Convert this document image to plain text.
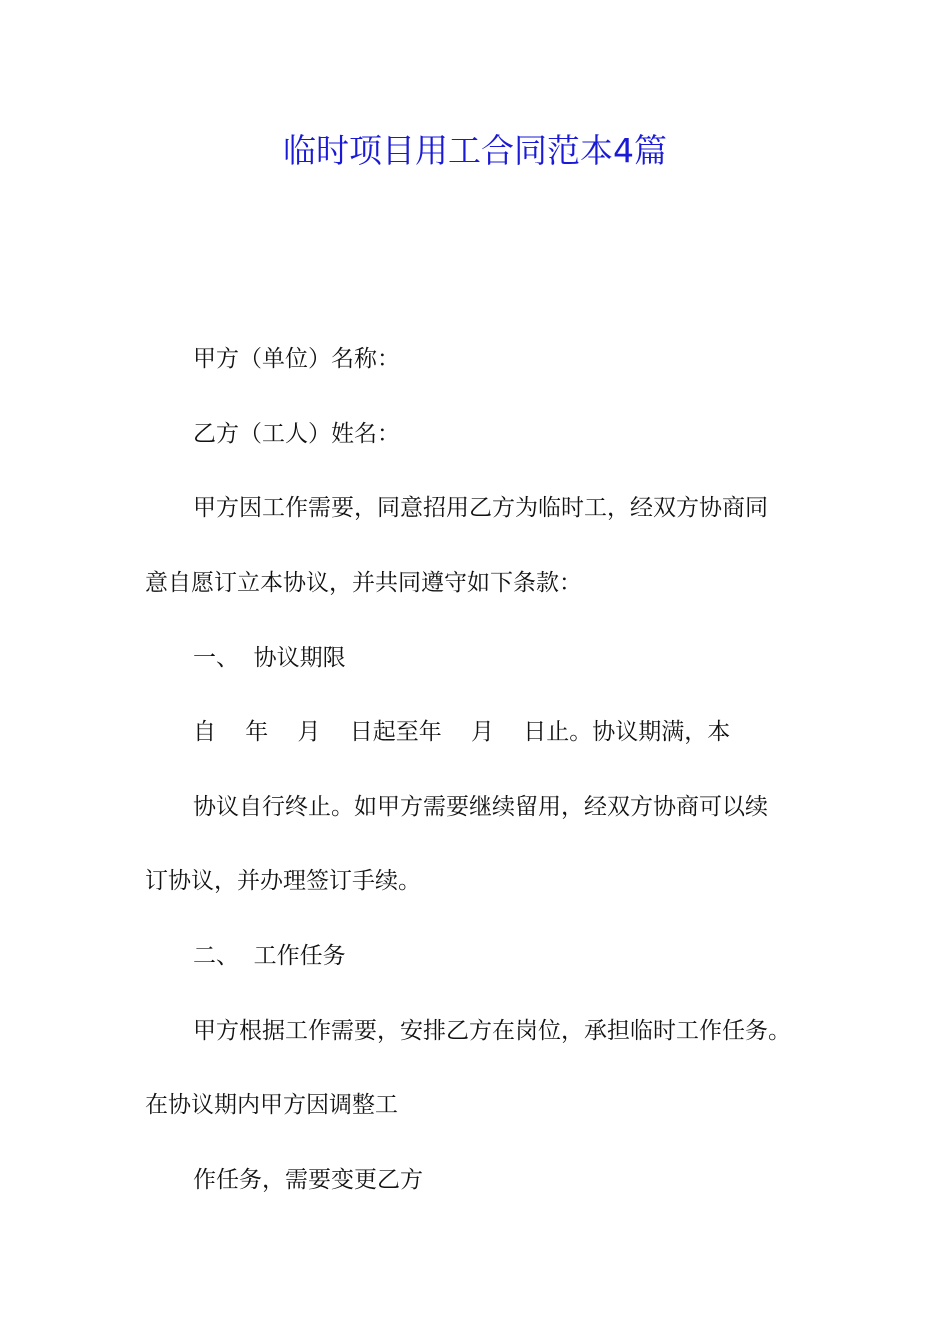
临时项目用工合同范本4篇
甲方（单位）名称：
乙方（工人）姓名：
甲方因工作需要，同意招用乙方为临时工，经双方协商同
意自愿订立本协议，并共同遵守如下条款：
一、  协议期限
自    年    月    日起至年    月    日止。协议期满，本
协议自行终止。如甲方需要继续留用，经双方协商可以续
订协议，并办理签订手续。
二、  工作任务
甲方根据工作需要，安排乙方在岗位，承担临时工作任务。
在协议期内甲方因调整工
作任务，需要变更乙方
